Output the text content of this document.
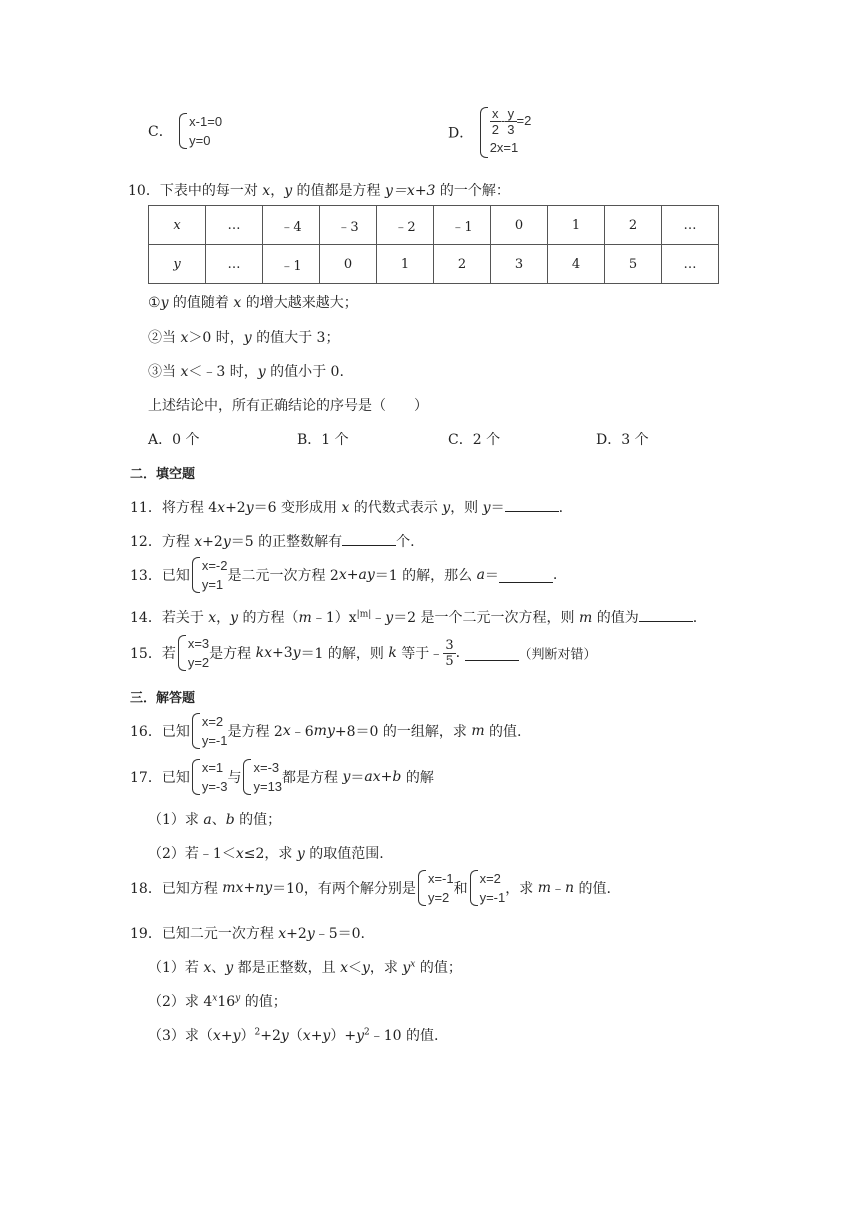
C．
x-1=0
y=0	D． $\frac{x}{2} - \frac{y}{3} =2$
2x=1
10．下表中的每一对 x，y 的值都是方程 y＝x+3 的一个解：
x	…	﹣4	﹣3	﹣2	﹣1	0	1	2	…
y	…	﹣1	0	1	2	3	4	5	…
①y 的值随着 x 的增大越来越大；
②当 x＞0 时，y 的值大于 3；
③当 x＜﹣3 时，y 的值小于 0.
上述结论中，所有正确结论的序号是（　　）
A．0 个	B．1 个	C．2 个	D．3 个
二．填空题
11．将方程 4x+2y＝6 变形成用 x 的代数式表示 y，则 y＝	.
12．方程 x+2y＝5 的正整数解有	个.
13．已知
x=-2
y=1
是二元一次方程 2x+ay＝1 的解，那么 a＝	.
14．若关于 x，y 的方程$(m﹣1)x^{|m|}﹣y=2$ 是一个二元一次方程，则 m 的值为	.
15．若
x=3
y=2
是方程 kx+3y＝1 的解，则 k 等于﹣ $\frac{3}{5}$ .	（判断对错）
三．解答题
16．已知
x=2
y=-1
是方程 2x﹣6my+8＝0 的一组解，求 m 的值.
17．已知
x=1
y=-3
与
x=-3
y=13
都是方程 y＝ax+b 的解
（1）求 a、b 的值；
（2）若﹣1＜x≤2，求 y 的取值范围.
18．已知方程 mx+ny＝10，有两个解分别是
x=-1
y=2
和
x=2
y=-1
，求 m﹣n 的值.
19．已知二元一次方程 x+2y﹣5＝0.
（1）若 x、y 都是正整数，且 x＜y，求 $y^x$ 的值；
（2）求 4$^x$16$^y$ 的值；
（3）求$(x+y)^2+2y(x+y)+y^2﹣10$ 的值.
